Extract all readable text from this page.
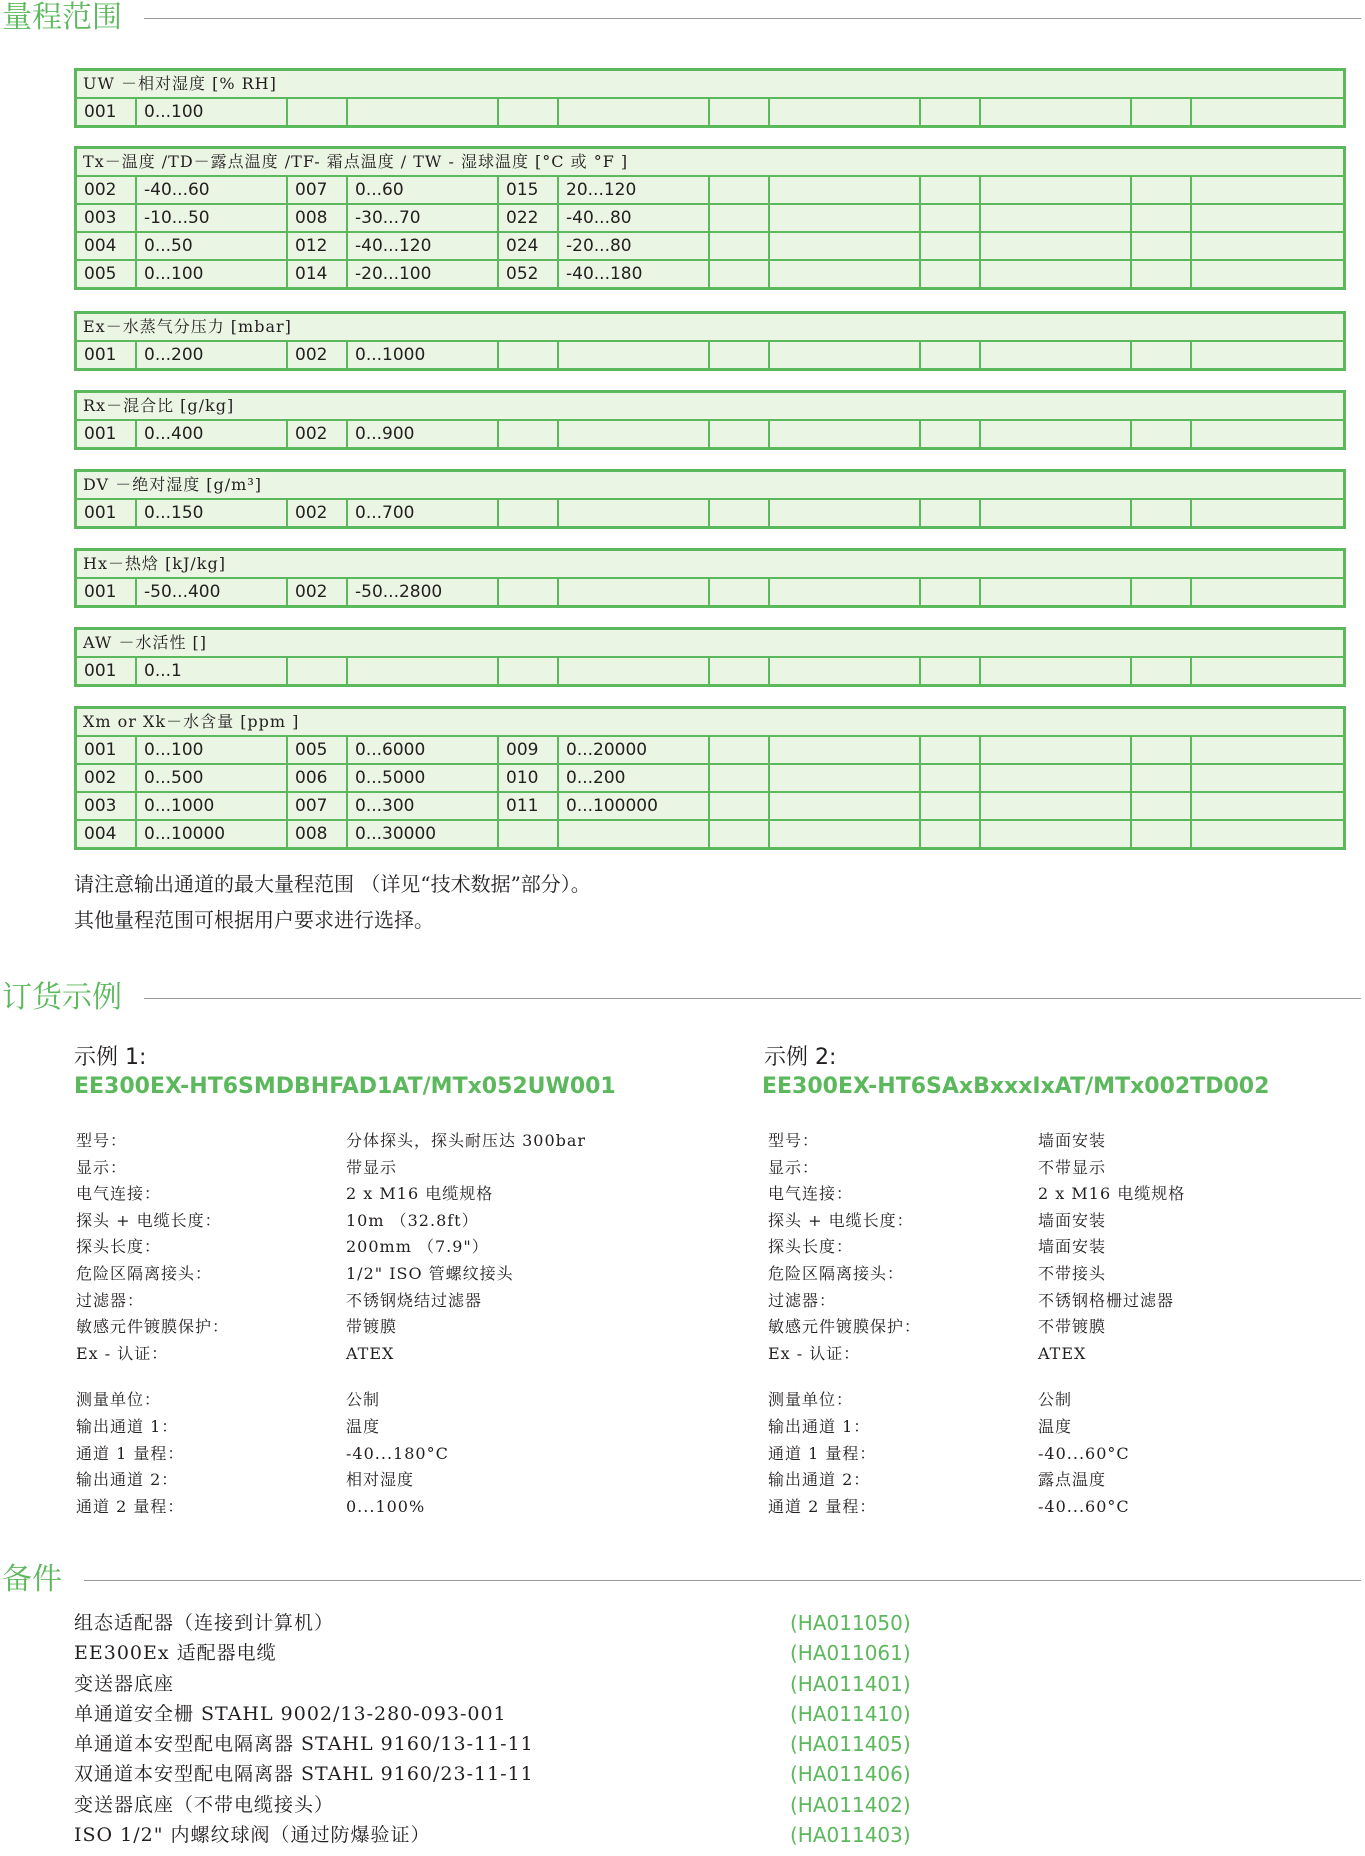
量程范围
UW －相对湿度 [% RH]
001	0...100
Tx－温度 /TD－露点温度 /TF- 霜点温度 / TW - 湿球温度 [°C 或 °F ]
002	-40...60	007	0...60	015	20...120
003	-10...50	008	-30...70	022	-40...80
004	0...50	012	-40...120	024	-20...80
005	0...100	014	-20...100	052	-40...180
Ex－水蒸气分压力 [mbar]
001	0...200	002	0...1000
Rx－混合比 [g/kg]
001	0...400	002	0...900
DV －绝对湿度 [g/m³]
001	0...150	002	0...700
Hx－热焓 [kJ/kg]
001	-50...400	002	-50...2800
AW －水活性 []
001	0...1
Xm or Xk－水含量 [ppm ]
001	0...100	005	0...6000	009	0...20000
002	0...500	006	0...5000	010	0...200
003	0...1000	007	0...300	011	0...100000
004	0...10000	008	0...30000
请注意输出通道的最大量程范围 （详见“技术数据”部分）。
其他量程范围可根据用户要求进行选择。
订货示例
示例 1:
EE300EX-HT6SMDBHFAD1AT/MTx052UW001
示例 2:
EE300EX-HT6SAxBxxxIxAT/MTx002TD002
型号：	分体探头，探头耐压达 300bar
显示：	带显示
电气连接：	2 x M16 电缆规格
探头 + 电缆长度：	10m （32.8ft）
探头长度：	200mm （7.9"）
危险区隔离接头：	1/2" ISO 管螺纹接头
过滤器：	不锈钢烧结过滤器
敏感元件镀膜保护：	带镀膜
Ex - 认证：	ATEX
测量单位：	公制
输出通道 1：	温度
通道 1 量程：	-40...180°C
输出通道 2：	相对湿度
通道 2 量程：	0...100%
型号：	墙面安装
显示：	不带显示
电气连接：	2 x M16 电缆规格
探头 + 电缆长度：	墙面安装
探头长度：	墙面安装
危险区隔离接头：	不带接头
过滤器：	不锈钢格栅过滤器
敏感元件镀膜保护：	不带镀膜
Ex - 认证：	ATEX
测量单位：	公制
输出通道 1：	温度
通道 1 量程：	-40...60°C
输出通道 2：	露点温度
通道 2 量程：	-40...60°C
备件
组态适配器（连接到计算机）	(HA011050)
EE300Ex 适配器电缆	(HA011061)
变送器底座	(HA011401)
单通道安全栅 STAHL 9002/13-280-093-001	(HA011410)
单通道本安型配电隔离器 STAHL 9160/13-11-11	(HA011405)
双通道本安型配电隔离器 STAHL 9160/23-11-11	(HA011406)
变送器底座（不带电缆接头）	(HA011402)
ISO 1/2" 内螺纹球阀（通过防爆验证）	(HA011403)
